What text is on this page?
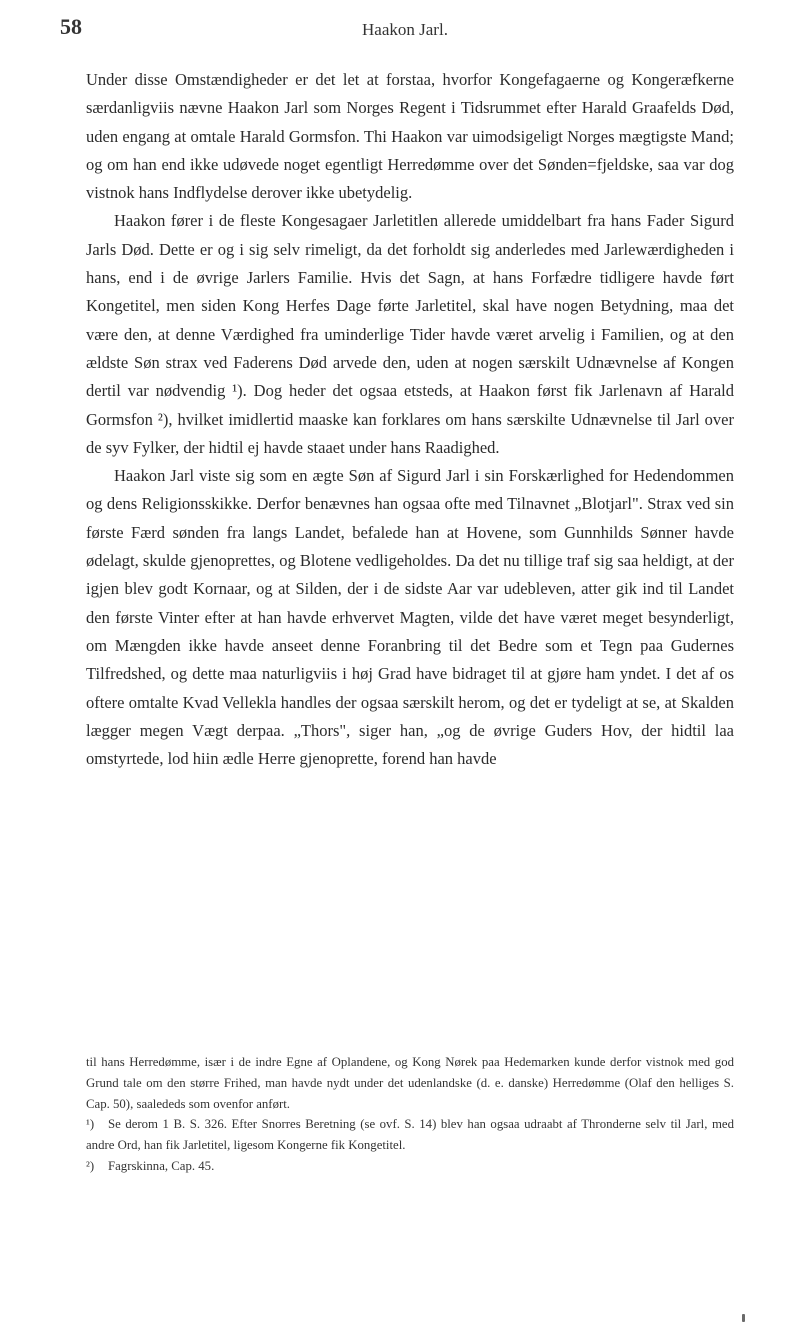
58	Haakon Jarl.

Under disse Omstændigheder er det let at forstaa, hvorfor Kongefagaerne og Kongeræfkerne særdanligviis nævne Haakon Jarl som Norges Regent i Tidsrummet efter Harald Graafelds Død, uden engang at omtale Harald Gormsfon. Thi Haakon var uimodsigeligt Norges mægtigste Mand; og om han end ikke udøvede noget egentligt Herredømme over det Sønden=fjeldske, saa var dog vistnok hans Indflydelse derover ikke ubetydelig.

Haakon fører i de fleste Kongesagaer Jarletitlen allerede umiddelbart fra hans Fader Sigurd Jarls Død. Dette er og i sig selv rimeligt, da det forholdt sig anderledes med Jarlewærdigheden i hans, end i de øvrige Jarlers Familie. Hvis det Sagn, at hans Forfædre tidligere havde ført Kongetitel, men siden Kong Herfes Dage førte Jarletitel, skal have nogen Betydning, maa det være den, at denne Værdighed fra uminderlige Tider havde været arvelig i Familien, og at den ældste Søn strax ved Faderens Død arvede den, uden at nogen særskilt Udnævnelse af Kongen dertil var nødvendig ¹). Dog heder det ogsaa etsteds, at Haakon først fik Jarlenavn af Harald Gormsfon ²), hvilket imidlertid maaske kan forklares om hans særskilte Udnævnelse til Jarl over de syv Fylker, der hidtil ej havde staaet under hans Raadighed.

Haakon Jarl viste sig som en ægte Søn af Sigurd Jarl i sin Forskærlighed for Hedendommen og dens Religionsskikke. Derfor benævnes han ogsaa ofte med Tilnavnet „Blotjarl". Strax ved sin første Færd sønden fra langs Landet, befalede han at Hovene, som Gunnhilds Sønner havde ødelagt, skulde gjenoprettes, og Blotene vedligeholdes. Da det nu tillige traf sig saa heldigt, at der igjen blev godt Kornaar, og at Silden, der i de sidste Aar var udebleven, atter gik ind til Landet den første Vinter efter at han havde erhvervet Magten, vilde det have været meget besynderligt, om Mængden ikke havde anseet denne Foranbring til det Bedre som et Tegn paa Gudernes Tilfredshed, og dette maa naturligviis i høj Grad have bidraget til at gjøre ham yndet. I det af os oftere omtalte Kvad Vellekla handles der ogsaa særskilt herom, og det er tydeligt at se, at Skalden lægger megen Vægt derpaa. „Thors", siger han, „og de øvrige Guders Hov, der hidtil laa omstyrtede, lod hiin ædle Herre gjenoprette, forend han havde

til hans Herredømme, især i de indre Egne af Oplandene, og Kong Nørek paa Hedemarken kunde derfor vistnok med god Grund tale om den større Frihed, man havde nydt under det udenlandske (d. e. danske) Herredømme (Olaf den helliges S. Cap. 50), saalededs som ovenfor anført.

¹) Se derom 1 B. S. 326. Efter Snorres Beretning (se ovf. S. 14) blev han ogsaa udraabt af Thronderne selv til Jarl, med andre Ord, han fik Jarletitel, ligesom Kongerne fik Kongetitel.

²) Fagrskinna, Cap. 45.
